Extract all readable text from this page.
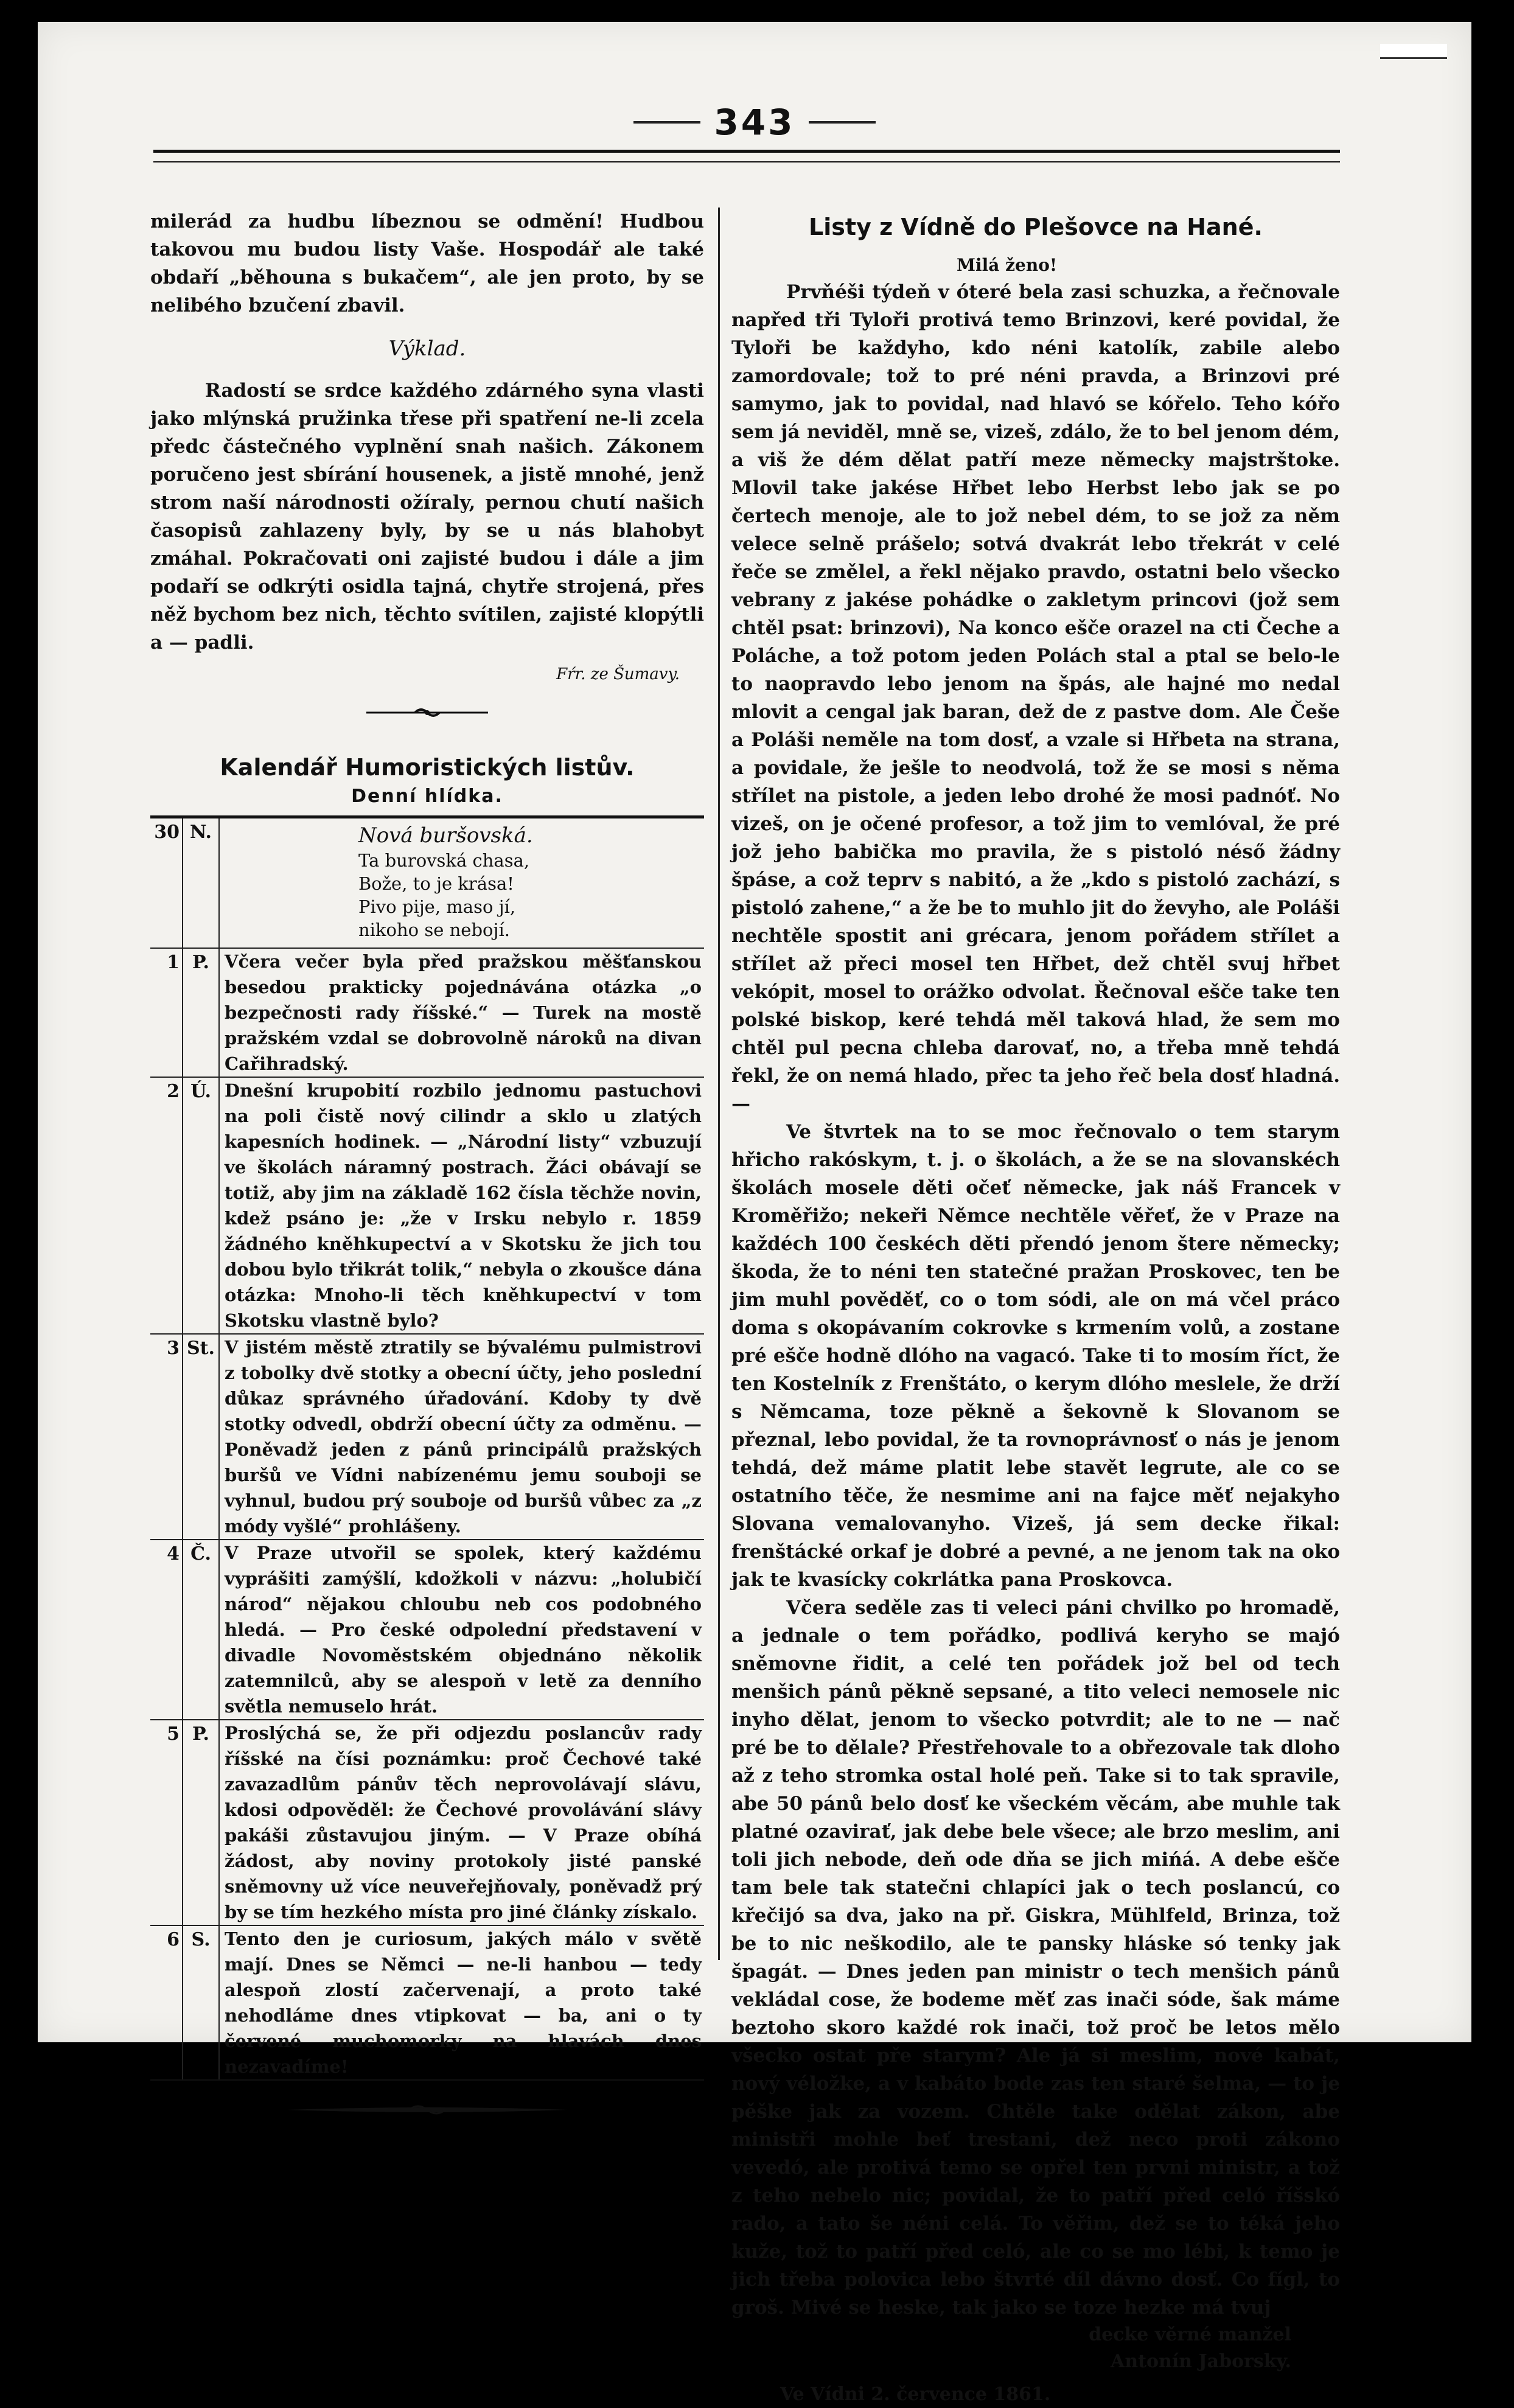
343

milerád za hudbu líbeznou se odmění! Hudbou takovou mu budou listy Vaše. Hospodář ale také obdaří „běhouna s bukačem“, ale jen proto, by se nelibého bzučení zbavil.

Výklad.

Radostí se srdce každého zdárného syna vlasti jako mlýnská pružinka třese při spatření ne-li zcela předc částečného vyplnění snah našich. Zákonem poručeno jest sbírání housenek, a jistě mnohé, jenž strom naší národnosti ožíraly, pernou chutí našich časopisů zahlazeny byly, by se u nás blahobyt zmáhal. Pokračovati oni zajisté budou i dále a jim podaří se odkrýti osidla tajná, chytře strojená, přes něž bychom bez nich, těchto svítilen, zajisté klopýtli a — padli.

Fŕr. ze Šumavy.
Kalendář Humoristických listův.
Denní hlídka.
30 N.	Nová buršovská.
Ta burovská chasa,
Bože, to je krása!
Pivo pije, maso jí,
nikoho se nebojí.
1 P. Včera večer byla před pražskou měšťanskou besedou prakticky pojednávána otázka „o bezpečnosti rady říšské.“ — Turek na mostě pražském vzdal se dobrovolně nároků na divan Cařihradský.
2 Ú. Dnešní krupobití rozbilo jednomu pastuchovi na poli čistě nový cilindr a sklo u zlatých kapesních hodinek. — „Národní listy“ vzbuzují ve školách náramný postrach. Žáci obávají se totiž, aby jim na základě 162 čísla těchže novin, kdež psáno je: „že v Irsku nebylo r. 1859 žádného kněhkupectví a v Skotsku že jich tou dobou bylo třikrát tolik,“ nebyla o zkoušce dána otázka: Mnoho-li těch kněhkupectví v tom Skotsku vlastně bylo?
3 St. V jistém městě ztratily se bývalému pulmistrovi z tobolky dvě stotky a obecní účty, jeho poslední důkaz správného úřadování. Kdoby ty dvě stotky odvedl, obdrží obecní účty za odměnu. — Poněvadž jeden z pánů principálů pražských buršů ve Vídni nabízenému jemu souboji se vyhnul, budou prý souboje od buršů vůbec za „z módy vyšlé“ prohlášeny.
4 Č. V Praze utvořil se spolek, který každému vyprášiti zamýšlí, kdožkoli v názvu: „holubičí národ“ nějakou chloubu neb cos podobného hledá. — Pro české odpolední představení v divadle Novoměstském objednáno několik zatemnilců, aby se alespoň v letě za denního světla nemuselo hrát.
5 P. Proslýchá se, že při odjezdu poslancův rady říšské na čísi poznámku: proč Čechové také zavazadlům pánův těch neprovolávají slávu, kdosi odpověděl: že Čechové provolávání slávy pakáši zůstavujou jiným. — V Praze obíhá žádost, aby noviny protokoly jisté panské sněmovny už více neuveřejňovaly, poněvadž prý by se tím hezkého místa pro jiné články získalo.
6 S. Tento den je curiosum, jakých málo v světě mají. Dnes se Němci — ne-li hanbou — tedy alespoň zlostí začervenají, a proto také nehodláme dnes vtipkovat — ba, ani o ty červené muchomorky na hlavách dnes nezavadíme!
Listy z Vídně do Plešovce na Hané.
Milá ženo!

Prvňéši týdeň v óteré bela zasi schuzka, a řečnovale napřed tři Tyloři protivá temo Brinzovi, keré povidal, že Tyloři be každyho, kdo néni katolík, zabile alebo zamordovale; tož to pré néni pravda, a Brinzovi pré samymo, jak to povidal, nad hlavó se kóřelo. Teho kóřo sem já neviděl, mně se, vizeš, zdálo, že to bel jenom dém, a viš že dém dělat patří meze německy majstrštoke. Mlovil take jakése Hřbet lebo Herbst lebo jak se po čertech menoje, ale to jož nebel dém, to se jož za něm velece selně prášelo; sotvá dvakrát lebo třekrát v celé řeče se změlel, a řekl nějako pravdo, ostatni belo všecko vebrany z jakése pohádke o zakletym princovi (jož sem chtěl psat: brinzovi), Na konco ešče orazel na cti Čeche a Poláche, a tož potom jeden Polách stal a ptal se belo-le to naopravdo lebo jenom na špás, ale hajné mo nedal mlovit a cengal jak baran, dež de z pastve dom. Ale Češe a Poláši neměle na tom dosť, a vzale si Hřbeta na strana, a povidale, že ješle to neodvolá, tož že se mosi s něma střílet na pistole, a jeden lebo drohé že mosi padnóť. No vizeš, on je očené profesor, a tož jim to vemlóval, že pré jož jeho babička mo pravila, že s pistoló néső žádny špáse, a což teprv s nabitó, a že „kdo s pistoló zachází, s pistoló zahene,“ a že be to muhlo jit do ževyho, ale Poláši nechtěle spostit ani grécara, jenom pořádem střílet a střílet až přeci mosel ten Hřbet, dež chtěl svuj hřbet vekópit, mosel to orážko odvolat. Řečnoval ešče take ten polské biskop, keré tehdá měl taková hlad, že sem mo chtěl pul pecna chleba darovať, no, a třeba mně tehdá řekl, že on nemá hlado, přec ta jeho řeč bela dosť hladná. —

Ve štvrtek na to se moc řečnovalo o tem starym hřicho rakóskym, t. j. o školách, a že se na slovanskéch školách mosele děti očeť německe, jak náš Francek v Kroměřižo; nekeři Němce nechtěle věřeť, že v Praze na každéch 100 českéch děti přendó jenom štere německy; škoda, že to néni ten statečné pražan Proskovec, ten be jim muhl pověděť, co o tom sódi, ale on má včel práco doma s okopávaním cokrovke s krmením volů, a zostane pré ešče hodně dlóho na vagacó. Take ti to mosím říct, že ten Kostelník z Frenštáto, o kerym dlóho meslele, že drží s Němcama, toze pěkně a šekovně k Slovanom se přeznal, lebo povidal, že ta rovnoprávnosť o nás je jenom tehdá, dež máme platit lebe stavět legrute, ale co se ostatního těče, že nesmime ani na fajce měť nejakyho Slovana vemalovanyho. Vizeš, já sem decke řikal: frenštácké orkaf je dobré a pevné, a ne jenom tak na oko jak te kvasícky cokrlátka pana Proskovca.

Včera seděle zas ti veleci páni chvilko po hromadě, a jednale o tem pořádko, podlivá keryho se majó sněmovne řidit, a celé ten pořádek jož bel od tech menšich pánů pěkně sepsané, a tito veleci nemosele nic inyho dělat, jenom to všecko potvrdit; ale to ne — nač pré be to dělale? Přestřehovale to a obřezovale tak dloho až z teho stromka ostal holé peň. Take si to tak spravile, abe 50 pánů belo dosť ke všeckém věcám, abe muhle tak platné ozavirať, jak debe bele všece; ale brzo meslim, ani toli jich nebode, deň ode dňa se jich mińá. A debe ešče tam bele tak statečni chlapíci jak o tech poslancú, co křečijó sa dva, jako na př. Giskra, Mühlfeld, Brinza, tož be to nic neškodilo, ale te pansky hláske só tenky jak špagát. — Dnes jeden pan ministr o tech menšich pánů vekládal cose, že bodeme měť zas inači sóde, šak máme beztoho skoro každé rok inači, tož proč be letos mělo všecko ostat pře starym? Ale já si meslim, nové kabát, nový véložke, a v kabáto bode zas ten staré šelma, — to je pěške jak za vozem. Chtěle take odělat zákon, abe ministři mohle beť trestani, dež neco proti zákono vevedó, ale protivá temo se opřel ten prvni ministr, a tož z teho nebelo nic; povidal, že to patří před celó říšskó rado, a tato še néni celá. To věřim, dež se to téká jeho kuže, tož to patří před celó, ale co se mo lébi, k temo je jich třeba polovica lebo štvrté díl dávno dosť. Co fígl, to groš. Mivé se heske, tak jako se toze hezke má tvuj

decke věrné manžel
Antonín Jaborsky.
Ve Vídni 2. července 1861.
